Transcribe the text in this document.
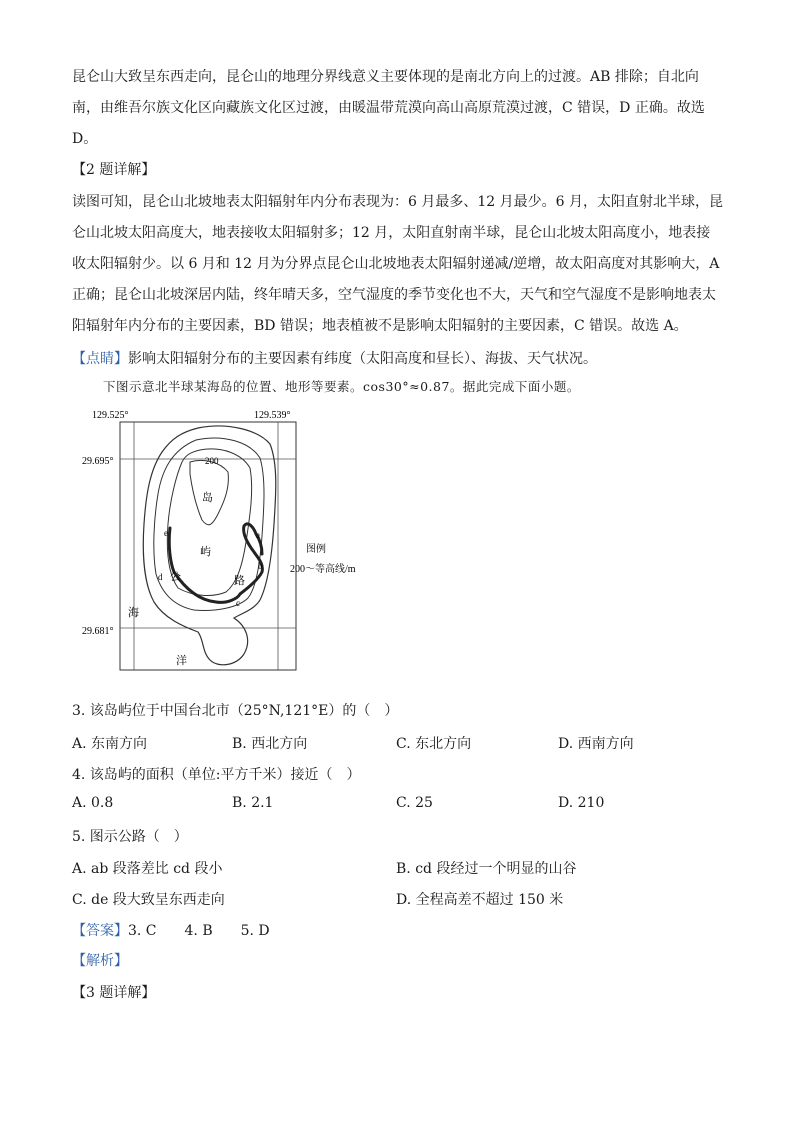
昆仑山大致呈东西走向，昆仑山的地理分界线意义主要体现的是南北方向上的过渡。AB 排除；自北向南，由维吾尔族文化区向藏族文化区过渡，由暖温带荒漠向高山高原荒漠过渡，C 错误，D 正确。故选 D。

【2 题详解】

读图可知，昆仑山北坡地表太阳辐射年内分布表现为：6 月最多、12 月最少。6 月，太阳直射北半球，昆仑山北坡太阳高度大，地表接收太阳辐射多；12 月，太阳直射南半球，昆仑山北坡太阳高度小，地表接收太阳辐射少。以 6 月和 12 月为分界点昆仑山北坡地表太阳辐射递减/逆增，故太阳高度对其影响大，A 正确；昆仑山北坡深居内陆，终年晴天多，空气湿度的季节变化也不大，天气和空气湿度不是影响地表太阳辐射年内分布的主要因素，BD 错误；地表植被不是影响太阳辐射的主要因素，C 错误。故选 A。

【点睛】影响太阳辐射分布的主要因素有纬度（太阳高度和昼长）、海拔、天气状况。
下图示意北半球某海岛的位置、地形等要素。cos30°≈0.87。据此完成下面小题。
129.525°	129.539°
29.695°
29.681°
200
岛
屿
公	路
海
洋
a
b
c
d
e
图例
200～等高线/m
3. 该岛屿位于中国台北市（25°N,121°E）的（　）
A. 东南方向	B. 西北方向	C. 东北方向	D. 西南方向
4. 该岛屿的面积（单位:平方千米）接近（　）
A. 0.8	B. 2.1	C. 25	D. 210
5. 图示公路（　）
A. ab 段落差比 cd 段小	B. cd 段经过一个明显的山谷
C. de 段大致呈东西走向	D. 全程高差不超过 150 米
【答案】3. C　　4. B　　5. D
【解析】
【3 题详解】
